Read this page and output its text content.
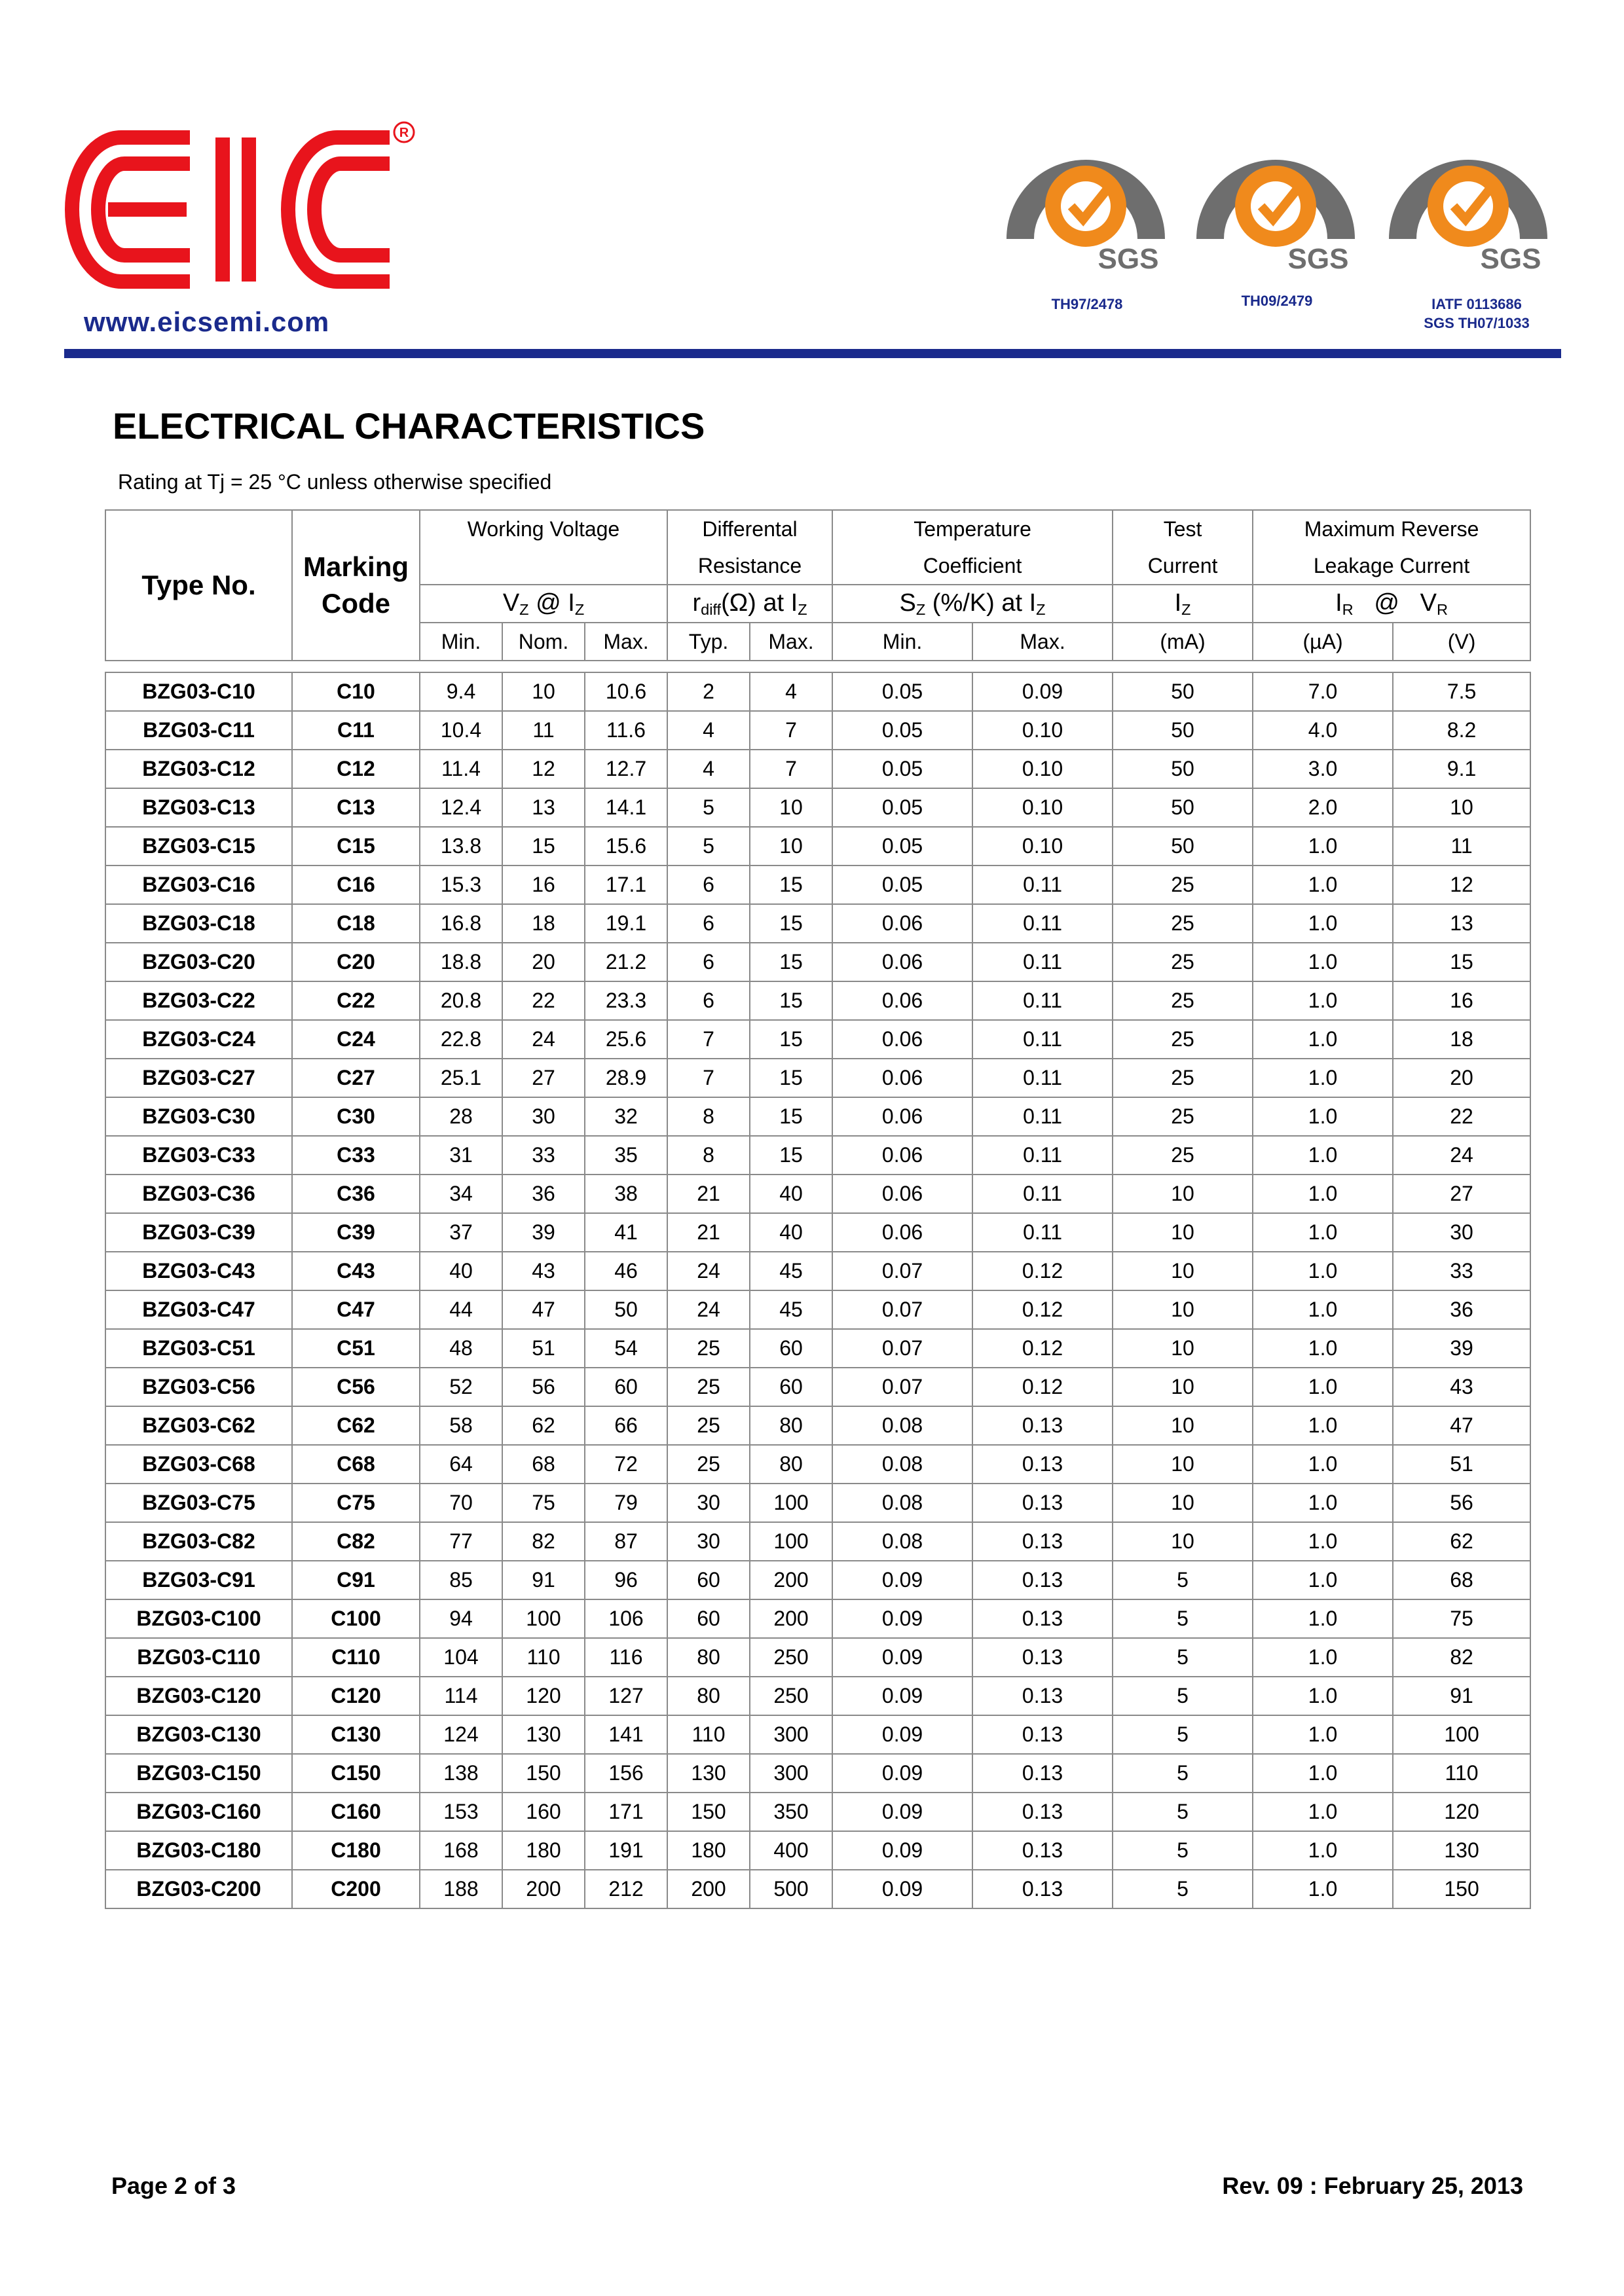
R
www.eicsemi.com
SGS	SGS	SGS
TH97/2478	TH09/2479	IATF 0113686
SGS TH07/1033
ELECTRICAL CHARACTERISTICS
Rating at Tj = 25 °C unless otherwise specified
Type No.	Marking
Code	Working Voltage			Differental		Temperature		Test	Maximum Reverse	
					Resistance		Coefficient		Current	Leakage Current	
		$V_Z$ @ $I_Z$			$r_{diff}(\Omega)$ at $I_Z$		$S_Z$ (%/K) at $I_Z$		$I_Z$	$I_R$ @ $V_R$
		Min.	Nom.	Max.	Typ.	Max.	Min.	Max.	(mA)	(µA)	(V)

BZG03-C10	C10	9.4	10	10.6	2	4	0.05	0.09	50	7.0	7.5
BZG03-C11	C11	10.4	11	11.6	4	7	0.05	0.10	50	4.0	8.2
BZG03-C12	C12	11.4	12	12.7	4	7	0.05	0.10	50	3.0	9.1
BZG03-C13	C13	12.4	13	14.1	5	10	0.05	0.10	50	2.0	10
BZG03-C15	C15	13.8	15	15.6	5	10	0.05	0.10	50	1.0	11
BZG03-C16	C16	15.3	16	17.1	6	15	0.05	0.11	25	1.0	12
BZG03-C18	C18	16.8	18	19.1	6	15	0.06	0.11	25	1.0	13
BZG03-C20	C20	18.8	20	21.2	6	15	0.06	0.11	25	1.0	15
BZG03-C22	C22	20.8	22	23.3	6	15	0.06	0.11	25	1.0	16
BZG03-C24	C24	22.8	24	25.6	7	15	0.06	0.11	25	1.0	18
BZG03-C27	C27	25.1	27	28.9	7	15	0.06	0.11	25	1.0	20
BZG03-C30	C30	28	30	32	8	15	0.06	0.11	25	1.0	22
BZG03-C33	C33	31	33	35	8	15	0.06	0.11	25	1.0	24
BZG03-C36	C36	34	36	38	21	40	0.06	0.11	10	1.0	27
BZG03-C39	C39	37	39	41	21	40	0.06	0.11	10	1.0	30
BZG03-C43	C43	40	43	46	24	45	0.07	0.12	10	1.0	33
BZG03-C47	C47	44	47	50	24	45	0.07	0.12	10	1.0	36
BZG03-C51	C51	48	51	54	25	60	0.07	0.12	10	1.0	39
BZG03-C56	C56	52	56	60	25	60	0.07	0.12	10	1.0	43
BZG03-C62	C62	58	62	66	25	80	0.08	0.13	10	1.0	47
BZG03-C68	C68	64	68	72	25	80	0.08	0.13	10	1.0	51
BZG03-C75	C75	70	75	79	30	100	0.08	0.13	10	1.0	56
BZG03-C82	C82	77	82	87	30	100	0.08	0.13	10	1.0	62
BZG03-C91	C91	85	91	96	60	200	0.09	0.13	5	1.0	68
BZG03-C100	C100	94	100	106	60	200	0.09	0.13	5	1.0	75
BZG03-C110	C110	104	110	116	80	250	0.09	0.13	5	1.0	82
BZG03-C120	C120	114	120	127	80	250	0.09	0.13	5	1.0	91
BZG03-C130	C130	124	130	141	110	300	0.09	0.13	5	1.0	100
BZG03-C150	C150	138	150	156	130	300	0.09	0.13	5	1.0	110
BZG03-C160	C160	153	160	171	150	350	0.09	0.13	5	1.0	120
BZG03-C180	C180	168	180	191	180	400	0.09	0.13	5	1.0	130
BZG03-C200	C200	188	200	212	200	500	0.09	0.13	5	1.0	150
Page 2 of 3	Rev. 09 : February 25, 2013
